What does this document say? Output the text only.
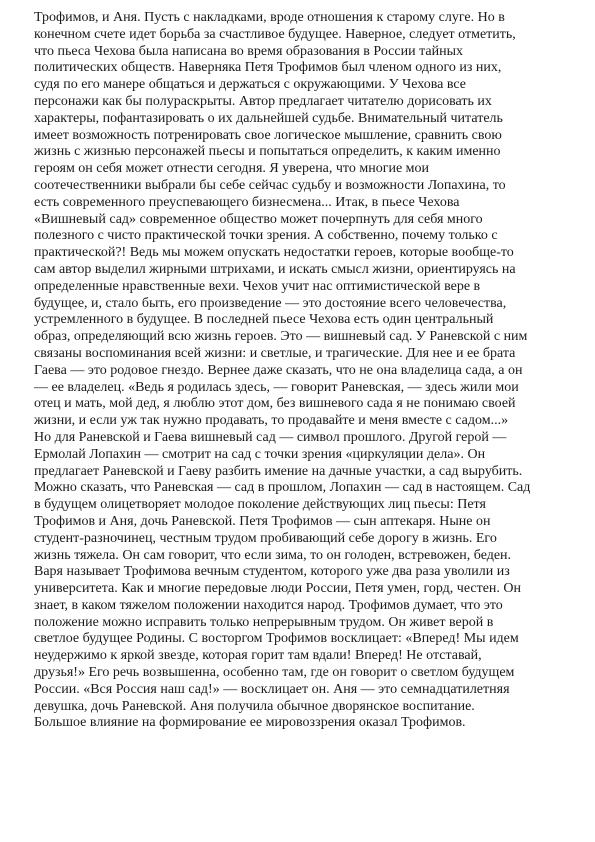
Трофимов, и Аня. Пусть с накладками, вроде отношения к старому слуге. Но в
конечном счете идет борьба за счастливое будущее. Наверное, следует отметить,
что пьеса Чехова была написана во время образования в России тайных
политических обществ. Наверняка Петя Трофимов был членом одного из них,
судя по его манере общаться и держаться с окружающими. У Чехова все
персонажи как бы полураскрыты. Автор предлагает читателю дорисовать их
характеры, пофантазировать о их дальнейшей судьбе. Внимательный читатель
имеет возможность потренировать свое логическое мышление, сравнить свою
жизнь с жизнью персонажей пьесы и попытаться определить, к каким именно
героям он себя может отнести сегодня. Я уверена, что многие мои
соотечественники выбрали бы себе сейчас судьбу и возможности Лопахина, то
есть современного преуспевающего бизнесмена... Итак, в пьесе Чехова
«Вишневый сад» современное общество может почерпнуть для себя много
полезного с чисто практической точки зрения. А собственно, почему только с
практической?! Ведь мы можем опускать недостатки героев, которые вообще-то
сам автор выделил жирными штрихами, и искать смысл жизни, ориентируясь на
определенные нравственные вехи. Чехов учит нас оптимистической вере в
будущее, и, стало быть, его произведение — это достояние всего человечества,
устремленного в будущее. В последней пьесе Чехова есть один центральный
образ, определяющий всю жизнь героев. Это — вишневый сад. У Раневской с ним
связаны воспоминания всей жизни: и светлые, и трагические. Для нее и ее брата
Гаева — это родовое гнездо. Вернее даже сказать, что не она владелица сада, а он
— ее владелец. «Ведь я родилась здесь, — говорит Раневская, — здесь жили мои
отец и мать, мой дед, я люблю этот дом, без вишневого сада я не понимаю своей
жизни, и если уж так нужно продавать, то продавайте и меня вместе с садом...»
Но для Раневской и Гаева вишневый сад — символ прошлого. Другой герой —
Ермолай Лопахин — смотрит на сад с точки зрения «циркуляции дела». Он
предлагает Раневской и Гаеву разбить имение на дачные участки, а сад вырубить.
Можно сказать, что Раневская — сад в прошлом, Лопахин — сад в настоящем. Сад
в будущем олицетворяет молодое поколение действующих лиц пьесы: Петя
Трофимов и Аня, дочь Раневской. Петя Трофимов — сын аптекаря. Ныне он
студент-разночинец, честным трудом пробивающий себе дорогу в жизнь. Его
жизнь тяжела. Он сам говорит, что если зима, то он голоден, встревожен, беден.
Варя называет Трофимова вечным студентом, которого уже два раза уволили из
университета. Как и многие передовые люди России, Петя умен, горд, честен. Он
знает, в каком тяжелом положении находится народ. Трофимов думает, что это
положение можно исправить только непрерывным трудом. Он живет верой в
светлое будущее Родины. С восторгом Трофимов восклицает: «Вперед! Мы идем
неудержимо к яркой звезде, которая горит там вдали! Вперед! Не отставай,
друзья!» Его речь возвышенна, особенно там, где он говорит о светлом будущем
России. «Вся Россия наш сад!» — восклицает он. Аня — это семнадцатилетняя
девушка, дочь Раневской. Аня получила обычное дворянское воспитание.
Большое влияние на формирование ее мировоззрения оказал Трофимов.
